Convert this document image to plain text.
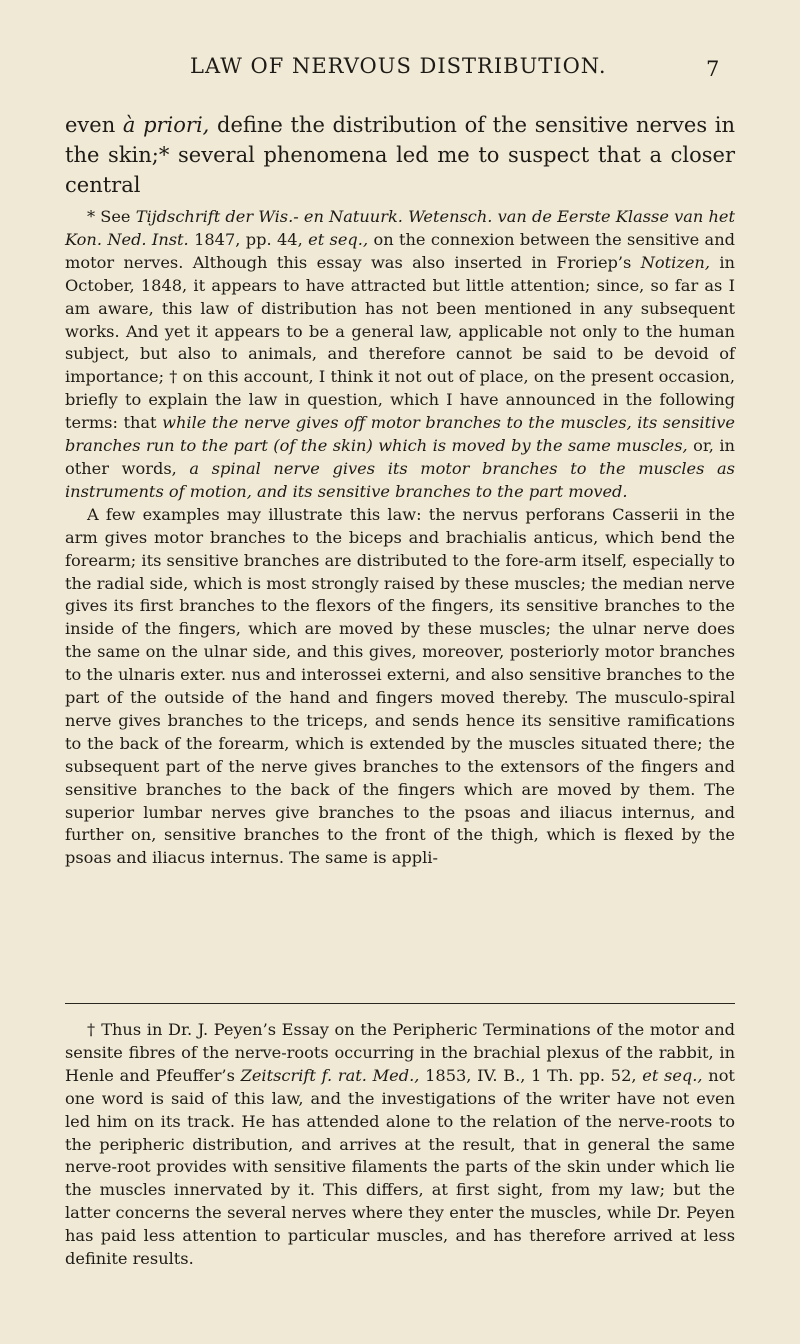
LAW OF NERVOUS DISTRIBUTION.	7

even à priori, define the distribution of the sensitive nerves in the skin;* several phenomena led me to suspect that a closer central

* See Tijdschrift der Wis.- en Natuurk. Wetensch. van de Eerste Klasse van het Kon. Ned. Inst. 1847, pp. 44, et seq., on the connexion between the sensitive and motor nerves. Although this essay was also inserted in Froriep’s Notizen, in October, 1848, it appears to have attracted but little attention; since, so far as I am aware, this law of distribution has not been mentioned in any subsequent works. And yet it appears to be a general law, applicable not only to the human subject, but also to animals, and therefore cannot be said to be devoid of importance; † on this account, I think it not out of place, on the present occasion, briefly to explain the law in question, which I have announced in the following terms: that while the nerve gives off motor branches to the muscles, its sensitive branches run to the part (of the skin) which is moved by the same muscles, or, in other words, a spinal nerve gives its motor branches to the muscles as instruments of motion, and its sensitive branches to the part moved.

A few examples may illustrate this law: the nervus perforans Casserii in the arm gives motor branches to the biceps and brachialis anticus, which bend the forearm; its sensitive branches are distributed to the fore-arm itself, especially to the radial side, which is most strongly raised by these muscles; the median nerve gives its first branches to the flexors of the fingers, its sensitive branches to the inside of the fingers, which are moved by these muscles; the ulnar nerve does the same on the ulnar side, and this gives, moreover, posteriorly motor branches to the ulnaris exter. nus and interossei externi, and also sensitive branches to the part of the outside of the hand and fingers moved thereby. The musculo-spiral nerve gives branches to the triceps, and sends hence its sensitive ramifications to the back of the forearm, which is extended by the muscles situated there; the subsequent part of the nerve gives branches to the extensors of the fingers and sensitive branches to the back of the fingers which are moved by them. The superior lumbar nerves give branches to the psoas and iliacus internus, and further on, sensitive branches to the front of the thigh, which is flexed by the psoas and iliacus internus. The same is appli-

† Thus in Dr. J. Peyen’s Essay on the Peripheric Terminations of the motor and sensite fibres of the nerve-roots occurring in the brachial plexus of the rabbit, in Henle and Pfeuffer’s Zeitscrift f. rat. Med., 1853, IV. B., 1 Th. pp. 52, et seq., not one word is said of this law, and the investigations of the writer have not even led him on its track. He has attended alone to the relation of the nerve-roots to the peripheric distribution, and arrives at the result, that in general the same nerve-root provides with sensitive filaments the parts of the skin under which lie the muscles innervated by it. This differs, at first sight, from my law; but the latter concerns the several nerves where they enter the muscles, while Dr. Peyen has paid less attention to particular muscles, and has therefore arrived at less definite results.
